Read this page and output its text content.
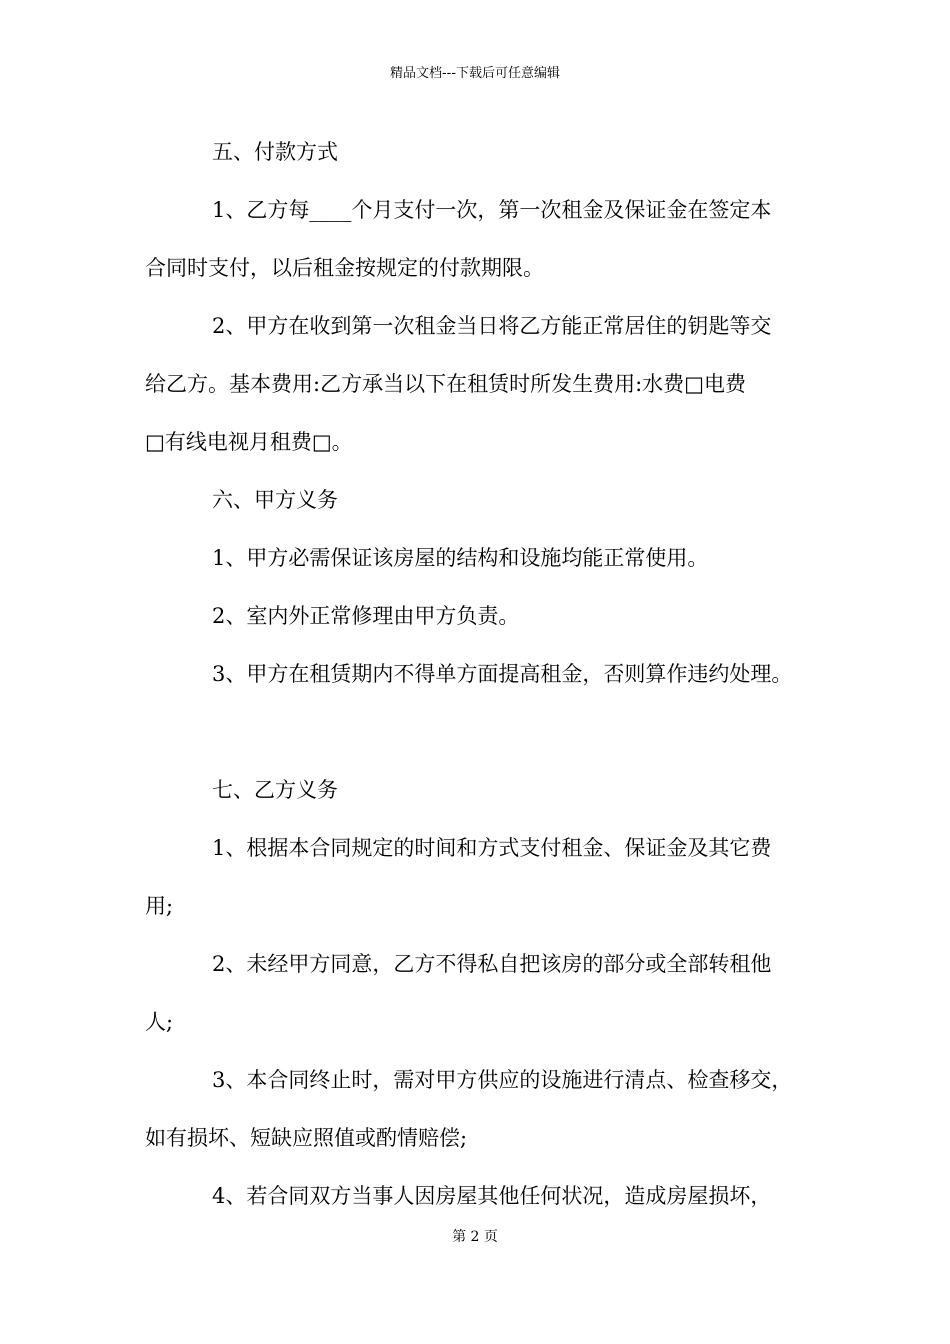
精品文档---下载后可任意编辑
五、付款方式
1、乙方每____个月支付一次，第一次租金及保证金在签定本
合同时支付，以后租金按规定的付款期限。
2、甲方在收到第一次租金当日将乙方能正常居住的钥匙等交
给乙方。基本费用:乙方承当以下在租赁时所发生费用:水费□电费
□有线电视月租费□。
六、甲方义务
1、甲方必需保证该房屋的结构和设施均能正常使用。
2、室内外正常修理由甲方负责。
3、甲方在租赁期内不得单方面提高租金，否则算作违约处理。
七、乙方义务
1、根据本合同规定的时间和方式支付租金、保证金及其它费
用;
2、未经甲方同意，乙方不得私自把该房的部分或全部转租他
人;
3、本合同终止时，需对甲方供应的设施进行清点、检查移交，
如有损坏、短缺应照值或酌情赔偿;
4、若合同双方当事人因房屋其他任何状况，造成房屋损坏，
第 2 页
